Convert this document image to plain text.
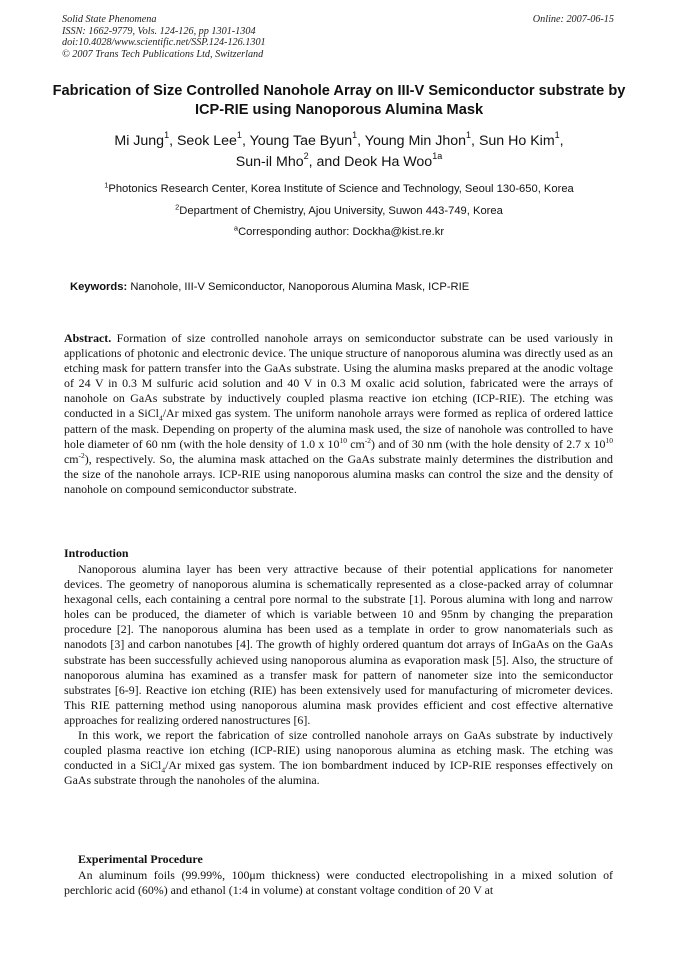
Solid State Phenomena
ISSN: 1662-9779, Vols. 124-126, pp 1301-1304
doi:10.4028/www.scientific.net/SSP.124-126.1301
© 2007 Trans Tech Publications Ltd, Switzerland
Online: 2007-06-15
Fabrication of Size Controlled Nanohole Array on III-V Semiconductor substrate by ICP-RIE using Nanoporous Alumina Mask
Mi Jung$^1$, Seok Lee$^1$, Young Tae Byun$^1$, Young Min Jhon$^1$, Sun Ho Kim$^1$,
Sun-il Mho$^2$, and Deok Ha Woo$^{1a}$
$^1$Photonics Research Center, Korea Institute of Science and Technology, Seoul 130-650, Korea
$^2$Department of Chemistry, Ajou University, Suwon 443-749, Korea
$^a$Corresponding author: Dockha@kist.re.kr
Keywords: Nanohole, III-V Semiconductor, Nanoporous Alumina Mask, ICP-RIE
Abstract. Formation of size controlled nanohole arrays on semiconductor substrate can be used variously in applications of photonic and electronic device. The unique structure of nanoporous alumina was directly used as an etching mask for pattern transfer into the GaAs substrate. Using the alumina masks prepared at the anodic voltage of 24 V in 0.3 M sulfuric acid solution and 40 V in 0.3 M oxalic acid solution, fabricated were the arrays of nanohole on GaAs substrate by inductively coupled plasma reactive ion etching (ICP-RIE). The etching was conducted in a SiCl$_4$/Ar mixed gas system. The uniform nanohole arrays were formed as replica of ordered lattice pattern of the mask. Depending on property of the alumina mask used, the size of nanohole was controlled to have hole diameter of 60 nm (with the hole density of 1.0 x $10^{10}$ $cm^{-2}$) and of 30 nm (with the hole density of 2.7 x $10^{10}$ $cm^{-2}$), respectively. So, the alumina mask attached on the GaAs substrate mainly determines the distribution and the size of the nanohole arrays. ICP-RIE using nanoporous alumina masks can control the size and the density of nanohole on compound semiconductor substrate.
Introduction
Nanoporous alumina layer has been very attractive because of their potential applications for nanometer devices. The geometry of nanoporous alumina is schematically represented as a close-packed array of columnar hexagonal cells, each containing a central pore normal to the substrate [1]. Porous alumina with long and narrow holes can be produced, the diameter of which is variable between 10 and 95nm by changing the preparation procedure [2]. The nanoporous alumina has been used as a template in order to grow nanomaterials such as nanodots [3] and carbon nanotubes [4]. The growth of highly ordered quantum dot arrays of InGaAs on the GaAs substrate has been successfully achieved using nanoporous alumina as evaporation mask [5]. Also, the structure of nanoporous alumina has examined as a transfer mask for pattern of nanometer size into the semiconductor substrates [6-9]. Reactive ion etching (RIE) has been extensively used for manufacturing of micrometer devices. This RIE patterning method using nanoporous alumina mask provides efficient and cost effective alternative approaches for realizing ordered nanostructures [6].
In this work, we report the fabrication of size controlled nanohole arrays on GaAs substrate by inductively coupled plasma reactive ion etching (ICP-RIE) using nanoporous alumina as etching mask. The etching was conducted in a SiCl$_4$/Ar mixed gas system. The ion bombardment induced by ICP-RIE responses effectively on GaAs substrate through the nanoholes of the alumina.
Experimental Procedure
An aluminum foils (99.99%, 100μm thickness) were conducted electropolishing in a mixed solution of perchloric acid (60%) and ethanol (1:4 in volume) at constant voltage condition of 20 V at
